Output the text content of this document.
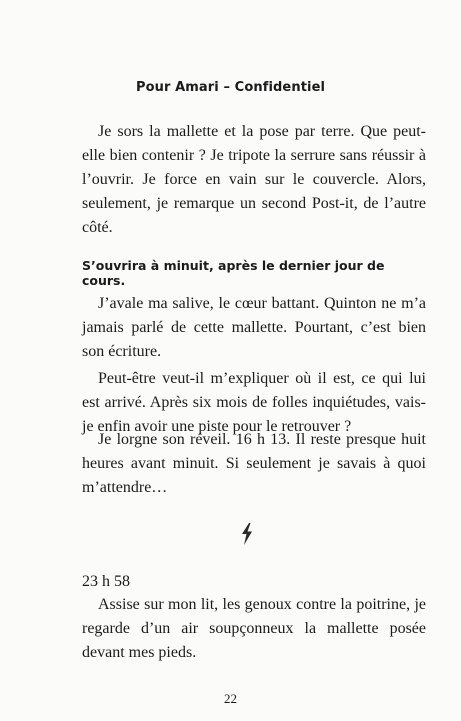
Pour Amari – Confidentiel

Je sors la mallette et la pose par terre. Que peut-elle bien contenir ? Je tripote la serrure sans réussir à l’ouvrir. Je force en vain sur le couvercle. Alors, seulement, je remarque un second Post-it, de l’autre côté.

S’ouvrira à minuit, après le dernier jour de cours.

J’avale ma salive, le cœur battant. Quinton ne m’a jamais parlé de cette mallette. Pourtant, c’est bien son écriture.

Peut-être veut-il m’expliquer où il est, ce qui lui est arrivé. Après six mois de folles inquiétudes, vais-je enfin avoir une piste pour le retrouver ?

Je lorgne son réveil. 16 h 13. Il reste presque huit heures avant minuit. Si seulement je savais à quoi m’attendre…

23 h 58

Assise sur mon lit, les genoux contre la poitrine, je regarde d’un air soupçonneux la mallette posée devant mes pieds.

22
